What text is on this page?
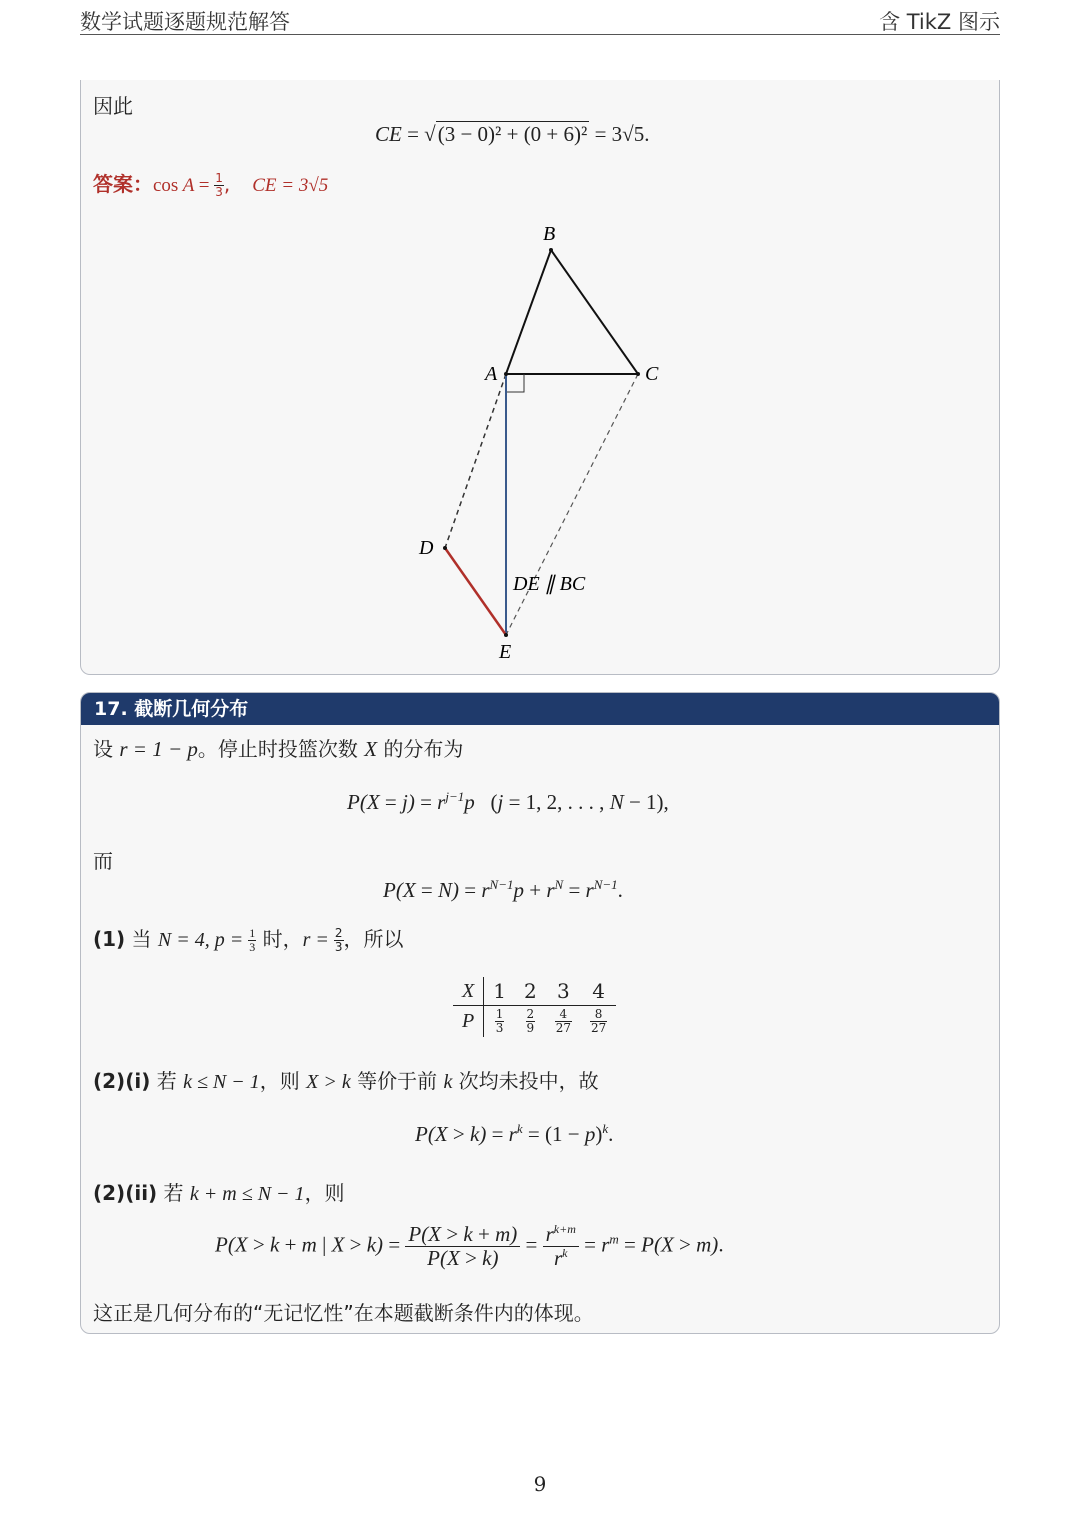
数学试题逐题规范解答	含 TikZ 图示
因此
CE = √(3 − 0)² + (0 + 6)² = 3√5.
答案：$\cos A = \frac{1}{3}$ , CE = 3√5
B
A	C
D
E
DE ∥ BC
17. 截断几何分布
设 r = 1 − p。停止时投篮次数 X 的分布为
$P(X = j) = r^{j-1}p$   (j = 1, 2, . . . , N − 1),
而
$P(X = N) = r^{N-1}p + r^N = r^{N-1}$.
(1) 当 N = 4, $p = \frac{1}{3}$ 时，$r = \frac{2}{3}$ ，所以
X	1	2	3	4
P	$\frac{1}{3}$	$\frac{2}{9}$	$\frac{4}{27}$	$\frac{8}{27}$
(2)(i) 若 k ≤ N − 1，则 X > k 等价于前 k 次均未投中，故
$P(X > k) = r^k = (1 - p)^k$.
(2)(ii) 若 k + m ≤ N − 1，则
P(X > k + m | $X > k) = \frac{P(X > k + m)}{P(X > k)} = \frac{r^{k+m}}{r^k} = r^m = P(X > m)$.
这正是几何分布的“无记忆性”在本题截断条件内的体现。
9
